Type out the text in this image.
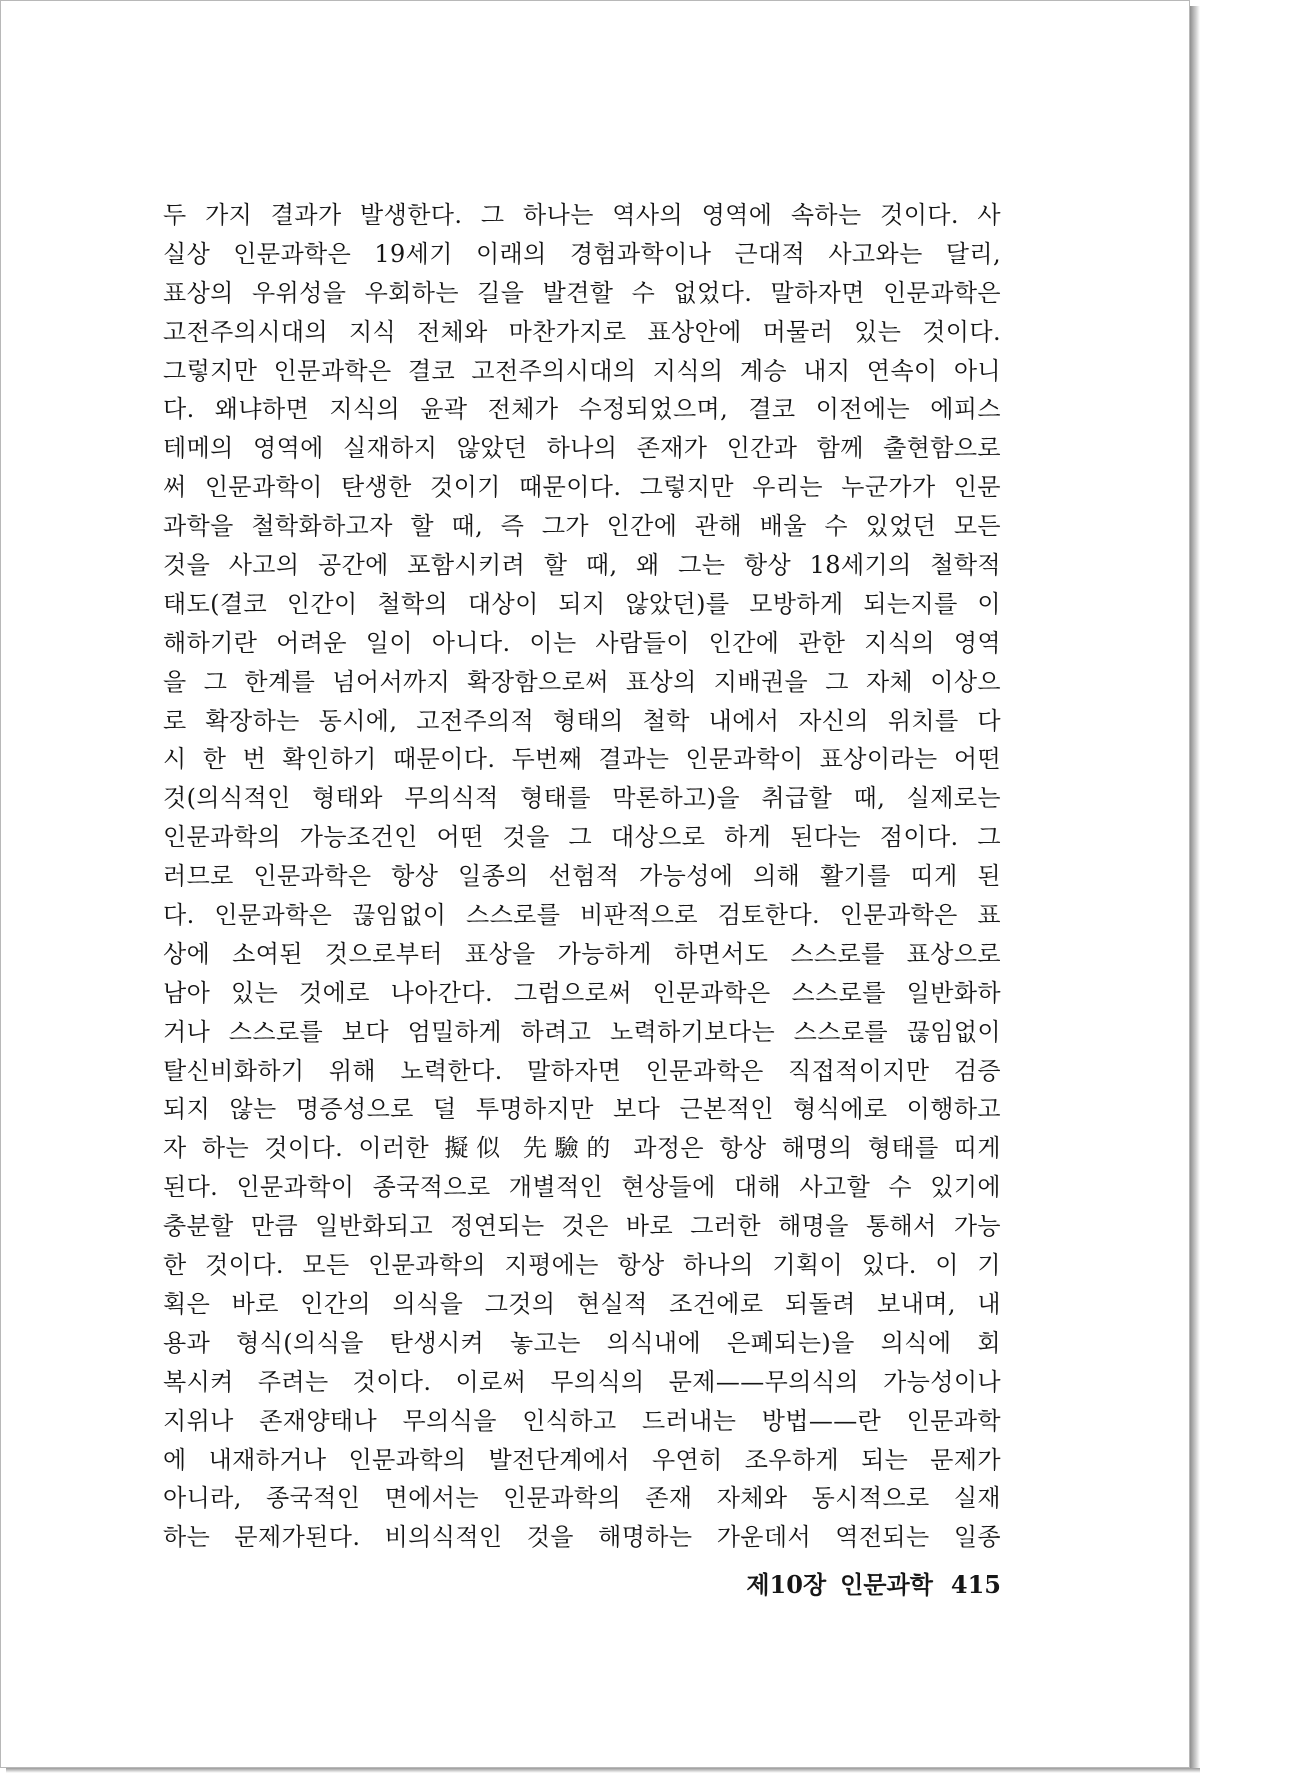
두 가지 결과가 발생한다. 그 하나는 역사의 영역에 속하는 것이다. 사
실상 인문과학은 19세기 이래의 경험과학이나 근대적 사고와는 달리,
표상의 우위성을 우회하는 길을 발견할 수 없었다. 말하자면 인문과학은
고전주의시대의 지식 전체와 마찬가지로 표상안에 머물러 있는 것이다.
그렇지만 인문과학은 결코 고전주의시대의 지식의 계승 내지 연속이 아니
다. 왜냐하면 지식의 윤곽 전체가 수정되었으며, 결코 이전에는 에피스
테메의 영역에 실재하지 않았던 하나의 존재가 인간과 함께 출현함으로
써 인문과학이 탄생한 것이기 때문이다. 그렇지만 우리는 누군가가 인문
과학을 철학화하고자 할 때, 즉 그가 인간에 관해 배울 수 있었던 모든
것을 사고의 공간에 포함시키려 할 때, 왜 그는 항상 18세기의 철학적
태도(결코 인간이 철학의 대상이 되지 않았던)를 모방하게 되는지를 이
해하기란 어려운 일이 아니다. 이는 사람들이 인간에 관한 지식의 영역
을 그 한계를 넘어서까지 확장함으로써 표상의 지배권을 그 자체 이상으
로 확장하는 동시에, 고전주의적 형태의 철학 내에서 자신의 위치를 다
시 한 번 확인하기 때문이다. 두번째 결과는 인문과학이 표상이라는 어떤
것(의식적인 형태와 무의식적 형태를 막론하고)을 취급할 때, 실제로는
인문과학의 가능조건인 어떤 것을 그 대상으로 하게 된다는 점이다. 그
러므로 인문과학은 항상 일종의 선험적 가능성에 의해 활기를 띠게 된
다. 인문과학은 끊임없이 스스로를 비판적으로 검토한다. 인문과학은 표
상에 소여된 것으로부터 표상을 가능하게 하면서도 스스로를 표상으로
남아 있는 것에로 나아간다. 그럼으로써 인문과학은 스스로를 일반화하
거나 스스로를 보다 엄밀하게 하려고 노력하기보다는 스스로를 끊임없이
탈신비화하기 위해 노력한다. 말하자면 인문과학은 직접적이지만 검증
되지 않는 명증성으로 덜 투명하지만 보다 근본적인 형식에로 이행하고
자 하는 것이다. 이러한 擬似 先驗的 과정은 항상 해명의 형태를 띠게
된다. 인문과학이 종국적으로 개별적인 현상들에 대해 사고할 수 있기에
충분할 만큼 일반화되고 정연되는 것은 바로 그러한 해명을 통해서 가능
한 것이다. 모든 인문과학의 지평에는 항상 하나의 기획이 있다. 이 기
획은 바로 인간의 의식을 그것의 현실적 조건에로 되돌려 보내며, 내
용과 형식(의식을 탄생시켜 놓고는 의식내에 은폐되는)을 의식에 회
복시켜 주려는 것이다. 이로써 무의식의 문제——무의식의 가능성이나
지위나 존재양태나 무의식을 인식하고 드러내는 방법——란 인문과학
에 내재하거나 인문과학의 발전단계에서 우연히 조우하게 되는 문제가
아니라, 종국적인 면에서는 인문과학의 존재 자체와 동시적으로 실재
하는 문제가된다. 비의식적인 것을 해명하는 가운데서 역전되는 일종
제10장 인문과학 415
